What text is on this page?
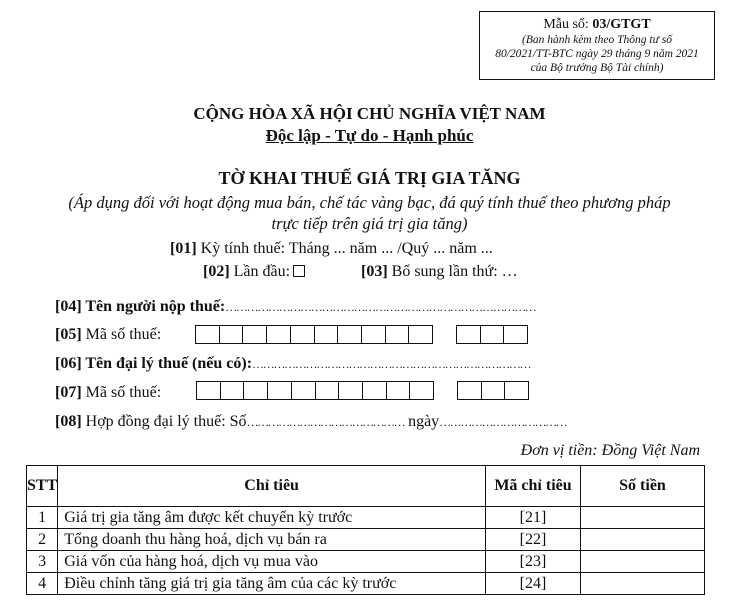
Mẫu số: 03/GTGT
(Ban hành kèm theo Thông tư số
80/2021/TT-BTC ngày 29 tháng 9 năm 2021
của Bộ trưởng Bộ Tài chính)
CỘNG HÒA XÃ HỘI CHỦ NGHĨA VIỆT NAM
Độc lập - Tự do - Hạnh phúc
TỜ KHAI THUẾ GIÁ TRỊ GIA TĂNG
(Áp dụng đối với hoạt động mua bán, chế tác vàng bạc, đá quý tính thuế theo phương pháp
trực tiếp trên giá trị gia tăng)
[01] Kỳ tính thuế: Tháng ... năm ... /Quý ... năm ...
[02] Lần đầu:	[03] Bổ sung lần thứ: …
[04] Tên người nộp thuế:……………………………………………………………………………
[05] Mã số thuế:
[06] Tên đại lý thuế (nếu có):……………………………………………………………………
[07] Mã số thuế:
[08] Hợp đồng đại lý thuế: Số……………………………………… ngày………………………………
Đơn vị tiền: Đồng Việt Nam
STT	Chỉ tiêu	Mã chỉ tiêu	Số tiền
1	Giá trị gia tăng âm được kết chuyển kỳ trước	[21]	
2	Tổng doanh thu hàng hoá, dịch vụ bán ra	[22]	
3	Giá vốn của hàng hoá, dịch vụ mua vào	[23]	
4	Điều chỉnh tăng giá trị gia tăng âm của các kỳ trước	[24]	
